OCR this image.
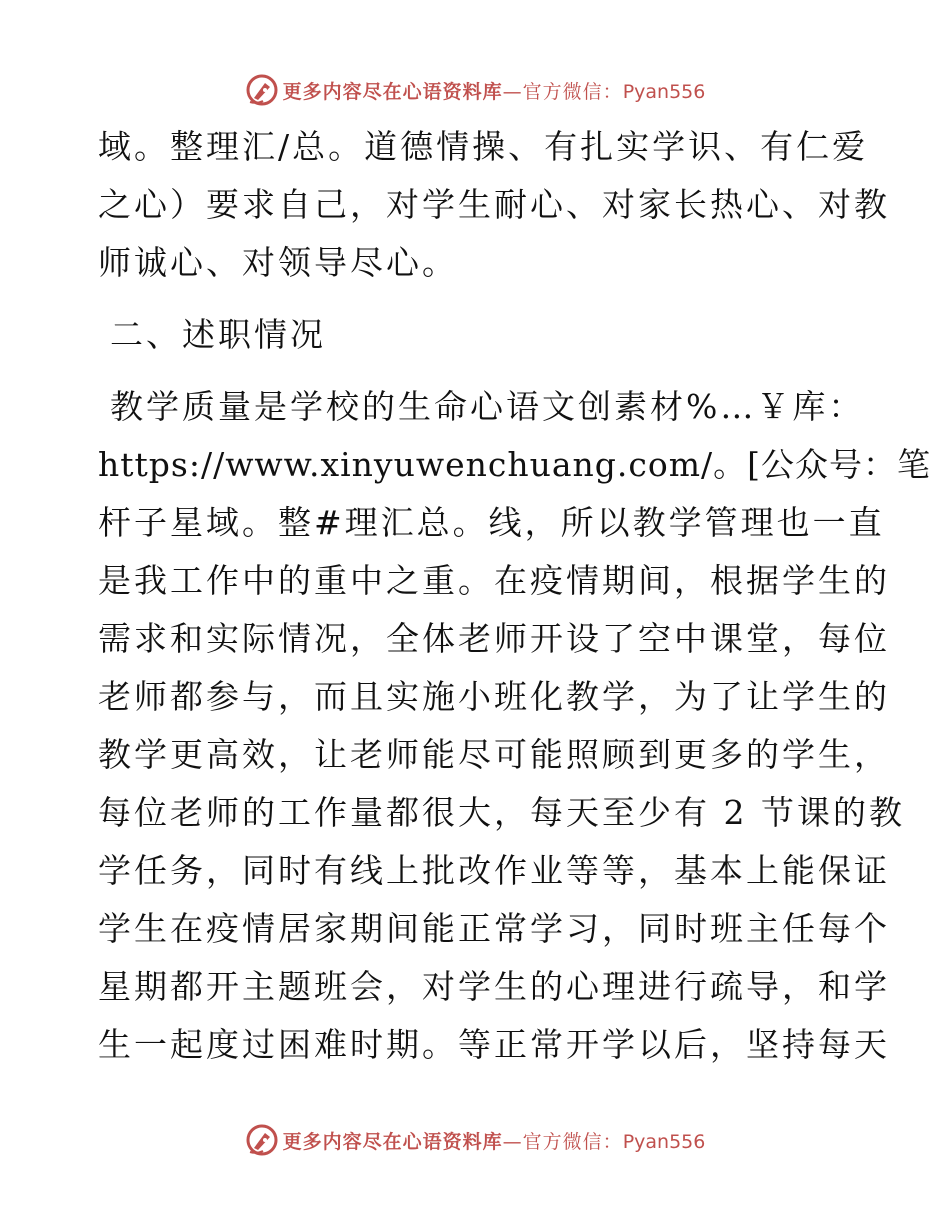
更多内容尽在心语资料库—官方微信：Pyan556
域。整理汇/总。道德情操、有扎实学识、有仁爱
之心）要求自己，对学生耐心、对家长热心、对教
师诚心、对领导尽心。
二、述职情况
教学质量是学校的生命心语文创素材%…￥库：
https://www.xinyuwenchuang.com/。[公众号：笔
杆子星域。整#理汇总。线，所以教学管理也一直
是我工作中的重中之重。在疫情期间，根据学生的
需求和实际情况，全体老师开设了空中课堂，每位
老师都参与，而且实施小班化教学，为了让学生的
教学更高效，让老师能尽可能照顾到更多的学生，
每位老师的工作量都很大，每天至少有 2 节课的教
学任务，同时有线上批改作业等等，基本上能保证
学生在疫情居家期间能正常学习，同时班主任每个
星期都开主题班会，对学生的心理进行疏导，和学
生一起度过困难时期。等正常开学以后，坚持每天
更多内容尽在心语资料库—官方微信：Pyan556
